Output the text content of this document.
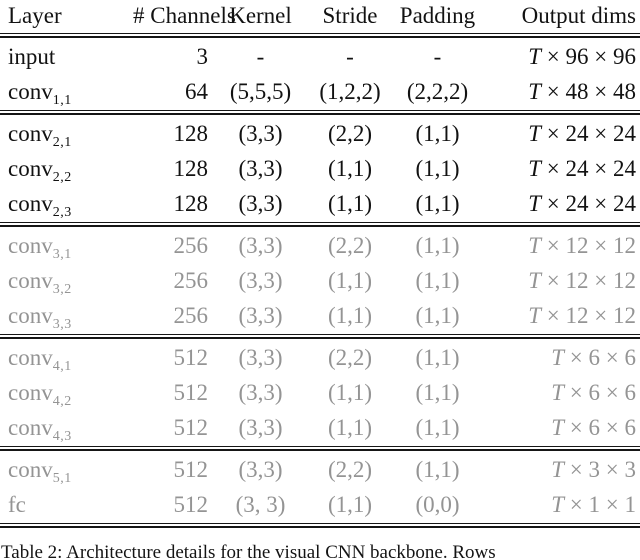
Layer	# Channels	Kernel	Stride	Padding	Output dims

input	3	-	-	-	T × 96 × 96
conv$_{1,1}$	64	(5,5,5)	(1,2,2)	(2,2,2)	T × 48 × 48

conv$_{2,1}$	128	(3,3)	(2,2)	(1,1)	T × 24 × 24
conv$_{2,2}$	128	(3,3)	(1,1)	(1,1)	T × 24 × 24
conv$_{2,3}$	128	(3,3)	(1,1)	(1,1)	T × 24 × 24

conv$_{3,1}$	256	(3,3)	(2,2)	(1,1)	T × 12 × 12
conv$_{3,2}$	256	(3,3)	(1,1)	(1,1)	T × 12 × 12
conv$_{3,3}$	256	(3,3)	(1,1)	(1,1)	T × 12 × 12

conv$_{4,1}$	512	(3,3)	(2,2)	(1,1)	T × 6 × 6
conv$_{4,2}$	512	(3,3)	(1,1)	(1,1)	T × 6 × 6
conv$_{4,3}$	512	(3,3)	(1,1)	(1,1)	T × 6 × 6

conv$_{5,1}$	512	(3,3)	(2,2)	(1,1)	T × 3 × 3
fc	512	(3, 3)	(1,1)	(0,0)	T × 1 × 1

Table 2: Architecture details for the visual CNN backbone. Rows
